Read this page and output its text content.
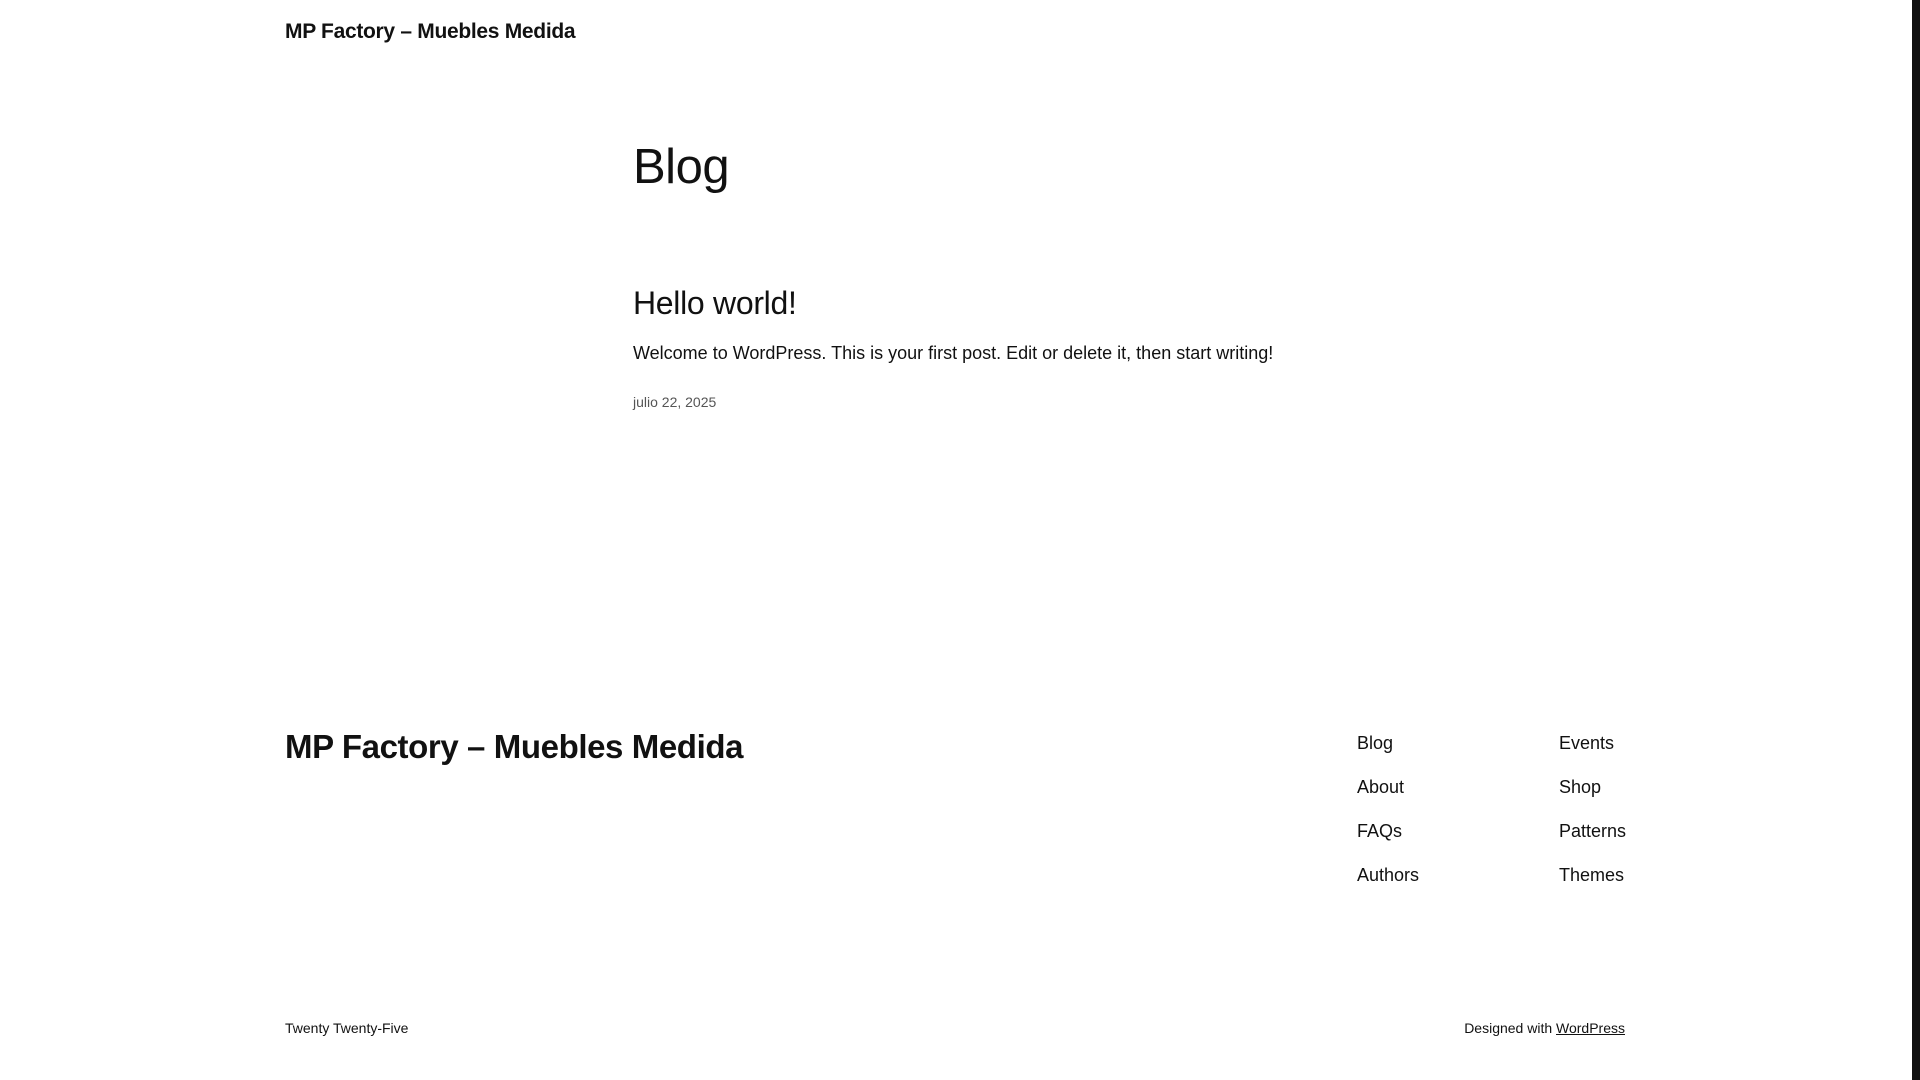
MP Factory – Muebles Medida
Blog
Hello world!
Welcome to WordPress. This is your first post. Edit or delete it, then start writing!
julio 22, 2025
MP Factory – Muebles Medida	Blog
About
FAQs
Authors
Events
Shop
Patterns
Themes
Twenty Twenty-Five	Designed with WordPress
